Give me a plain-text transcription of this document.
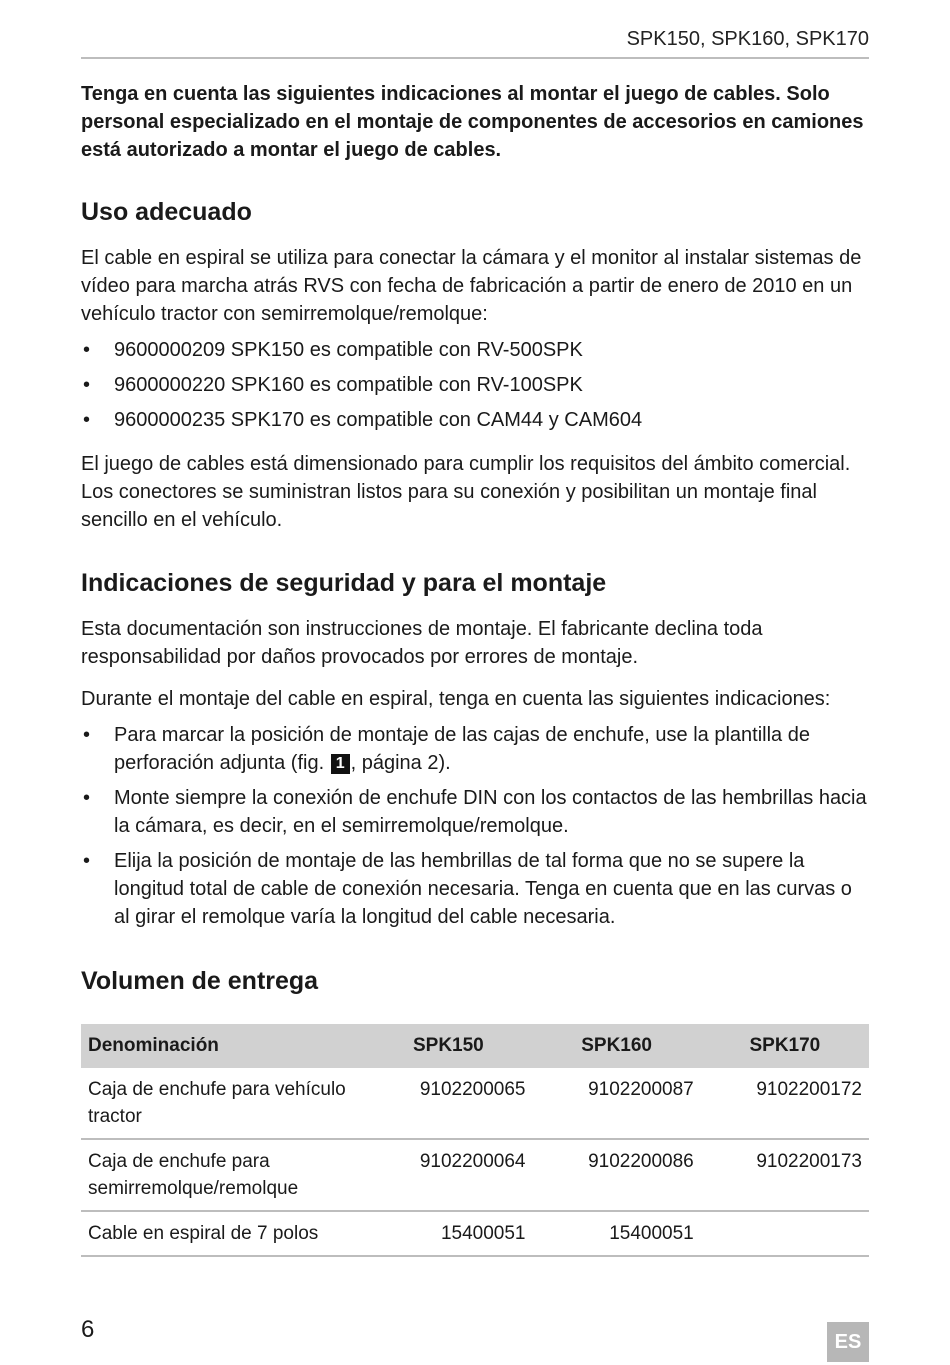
SPK150, SPK160, SPK170

Tenga en cuenta las siguientes indicaciones al montar el juego de cables. Solo personal especializado en el montaje de componentes de accesorios en camiones está autorizado a montar el juego de cables.

Uso adecuado

El cable en espiral se utiliza para conectar la cámara y el monitor al instalar sistemas de vídeo para marcha atrás RVS con fecha de fabricación a partir de enero de 2010 en un vehículo tractor con semirremolque/remolque:

• 9600000209 SPK150 es compatible con RV-500SPK
• 9600000220 SPK160 es compatible con RV-100SPK
• 9600000235 SPK170 es compatible con CAM44 y CAM604

El juego de cables está dimensionado para cumplir los requisitos del ámbito comercial. Los conectores se suministran listos para su conexión y posibilitan un montaje final sencillo en el vehículo.

Indicaciones de seguridad y para el montaje

Esta documentación son instrucciones de montaje. El fabricante declina toda responsabilidad por daños provocados por errores de montaje.

Durante el montaje del cable en espiral, tenga en cuenta las siguientes indicaciones:

• Para marcar la posición de montaje de las cajas de enchufe, use la plantilla de perforación adjunta (fig. 1 , página 2).
• Monte siempre la conexión de enchufe DIN con los contactos de las hembrillas hacia la cámara, es decir, en el semirremolque/remolque.
• Elija la posición de montaje de las hembrillas de tal forma que no se supere la longitud total de cable de conexión necesaria. Tenga en cuenta que en las curvas o al girar el remolque varía la longitud del cable necesaria.
Volumen de entrega
Denominación	SPK150	SPK160	SPK170
Caja de enchufe para vehículo tractor	9102200065	9102200087	9102200172
Caja de enchufe para semirremolque/remolque	9102200064	9102200086	9102200173
Cable en espiral de 7 polos	15400051	15400051	
6	ES
